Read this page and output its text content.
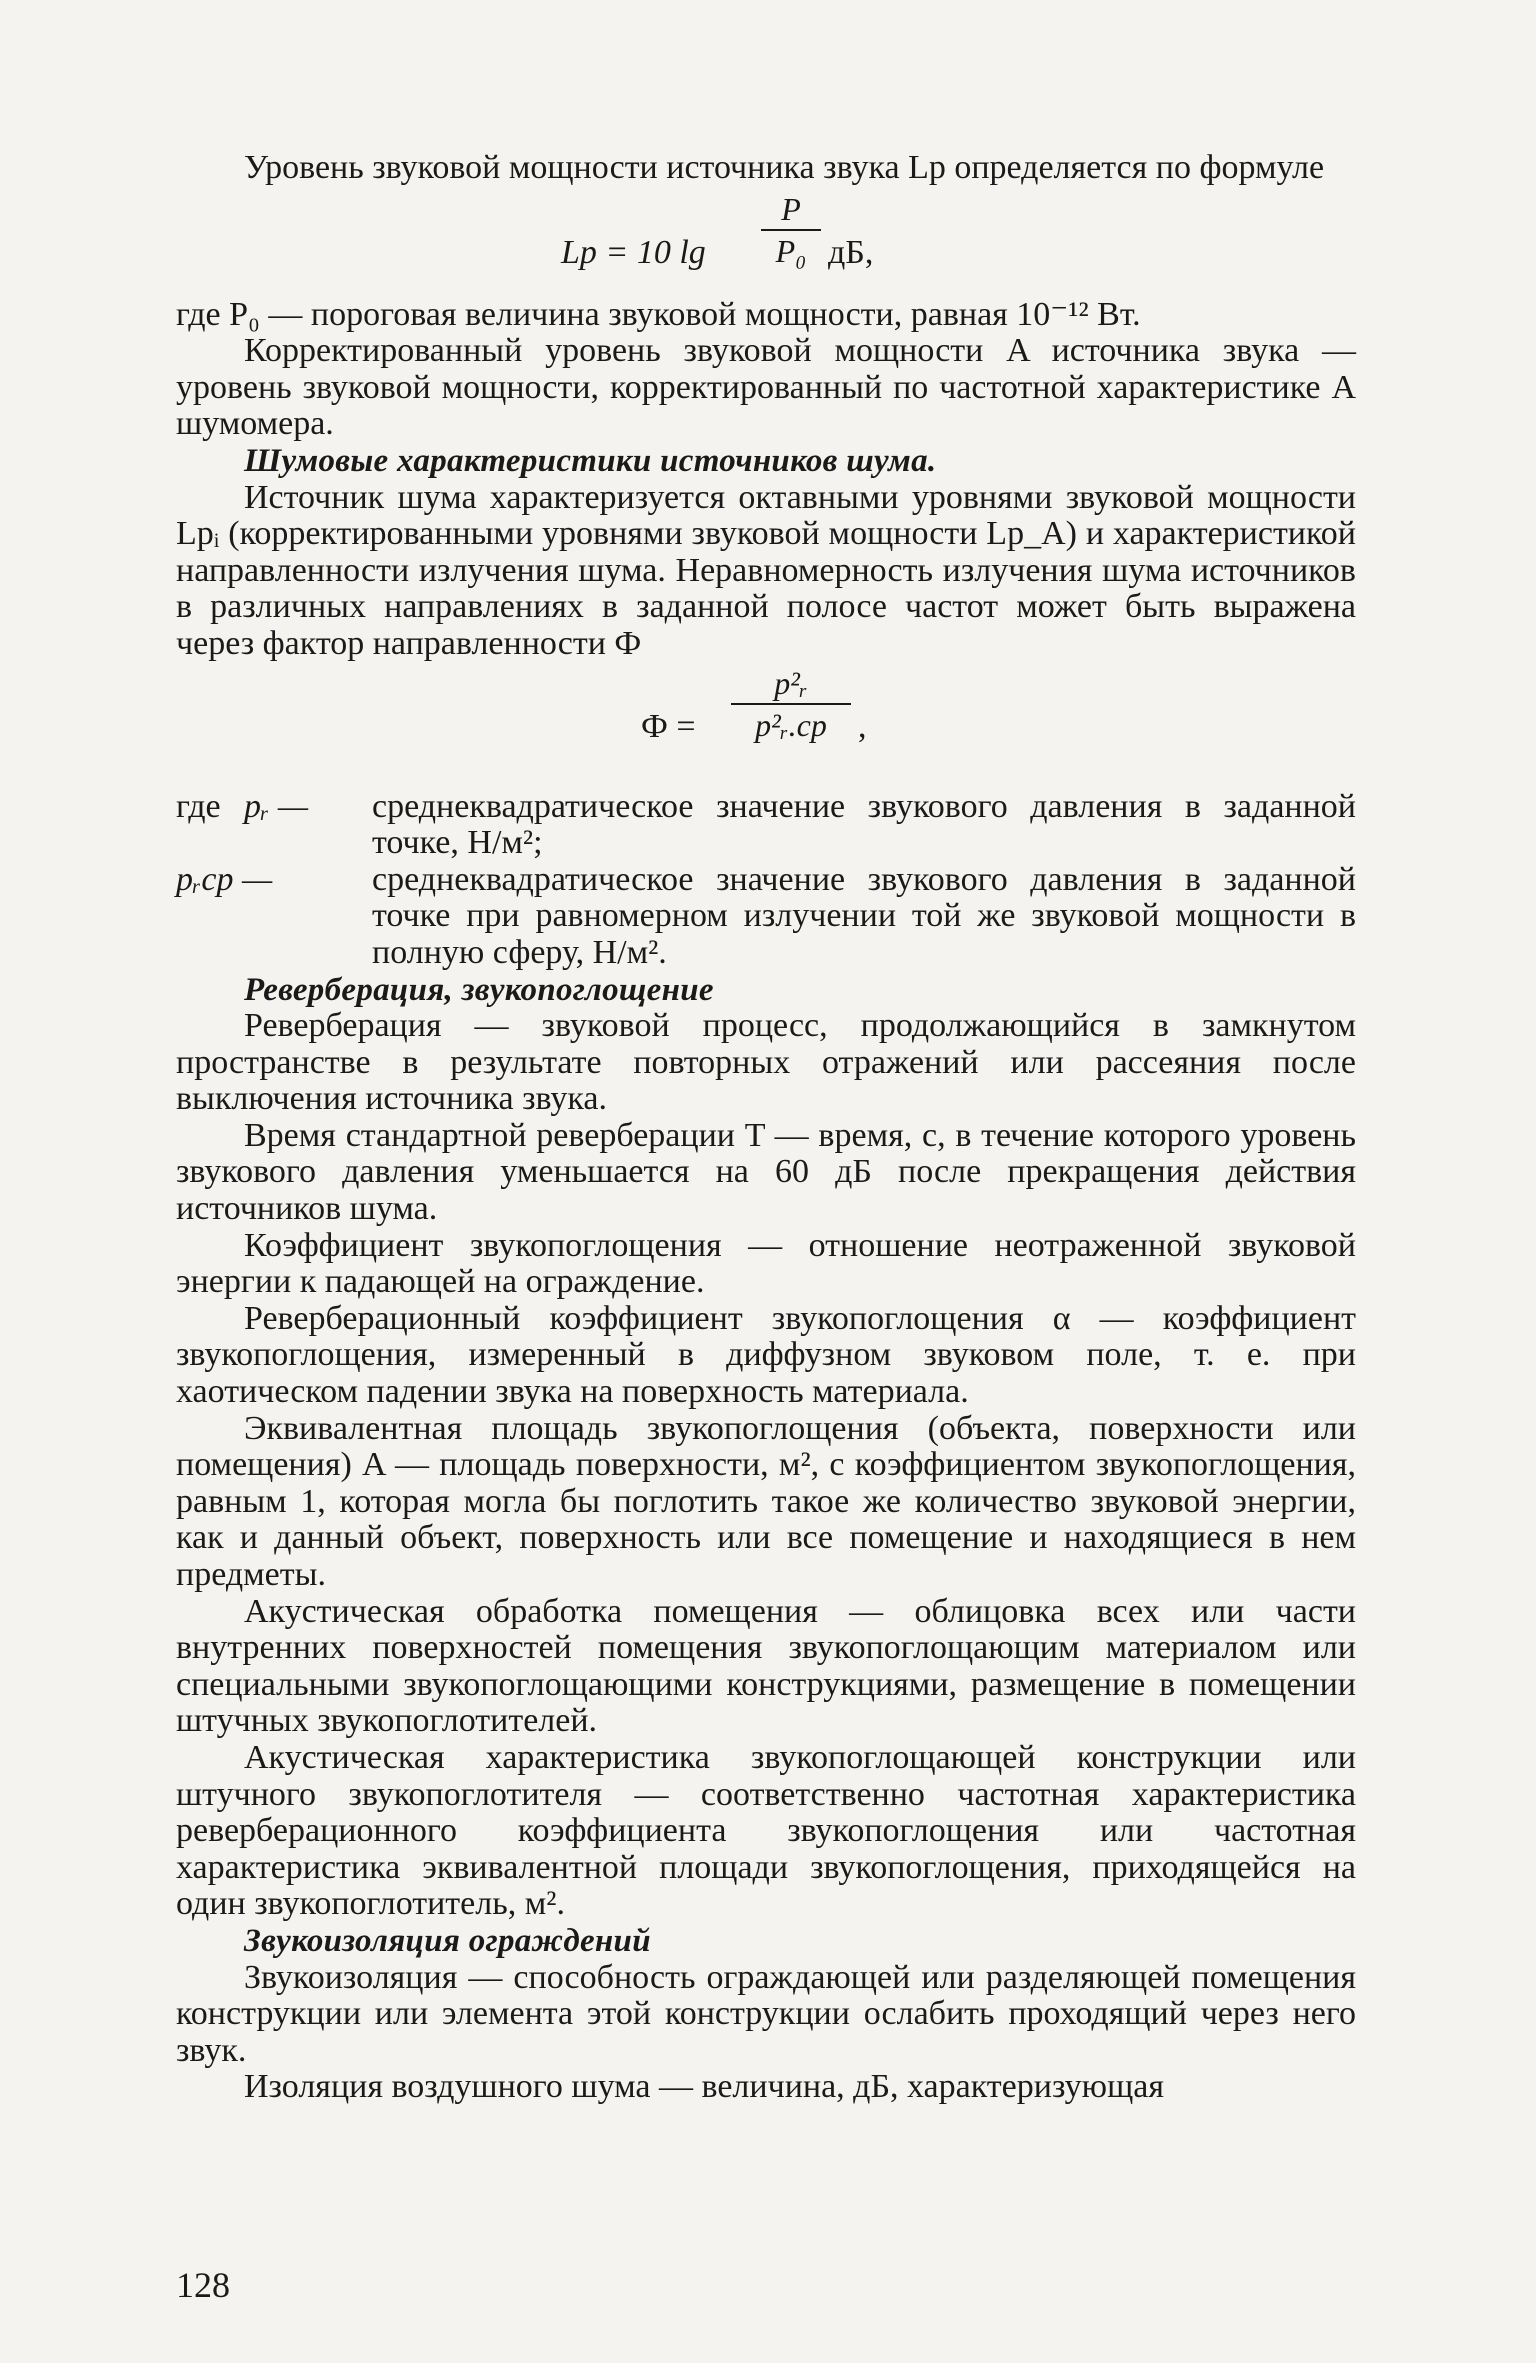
Уровень звуковой мощности источника звука Lp определяется по формуле

Lp = 10 lg
P
P₀ дБ,

где P₀ — пороговая величина звуковой мощности, равная 10⁻¹² Вт.

Корректированный уровень звуковой мощности A источника звука — уровень звуковой мощности, корректированный по частотной характеристике A шумомера.

Шумовые характеристики источников шума.

Источник шума характеризуется октавными уровнями звуковой мощности Lpᵢ (корректированными уровнями звуковой мощности Lp_A) и характеристикой направленности излучения шума. Неравномерность излучения шума источников в различных направлениях в заданной полосе частот может быть выражена через фактор направленности Ф

Ф =
p²ᵣ
p²ᵣ.ср ,
где pᵣ — среднеквадратическое значение звукового давления в заданной точке, Н/м²;
pᵣср —	среднеквадратическое значение звукового давления в заданной точке при равномерном излучении той же звуковой мощности в полную сферу, Н/м².
Реверберация, звукопоглощение

Реверберация — звуковой процесс, продолжающийся в замкнутом пространстве в результате повторных отражений или рассеяния после выключения источника звука.

Время стандартной реверберации T — время, с, в течение которого уровень звукового давления уменьшается на 60 дБ после прекращения действия источников шума.

Коэффициент звукопоглощения — отношение неотраженной звуковой энергии к падающей на ограждение.

Реверберационный коэффициент звукопоглощения α — коэффициент звукопоглощения, измеренный в диффузном звуковом поле, т. е. при хаотическом падении звука на поверхность материала.

Эквивалентная площадь звукопоглощения (объекта, поверхности или помещения) A — площадь поверхности, м², с коэффициентом звукопоглощения, равным 1, которая могла бы поглотить такое же количество звуковой энергии, как и данный объект, поверхность или все помещение и находящиеся в нем предметы.

Акустическая обработка помещения — облицовка всех или части внутренних поверхностей помещения звукопоглощающим материалом или специальными звукопоглощающими конструкциями, размещение в помещении штучных звукопоглотителей.

Акустическая характеристика звукопоглощающей конструкции или штучного звукопоглотителя — соответственно частотная характеристика реверберационного коэффициента звукопоглощения или частотная характеристика эквивалентной площади звукопоглощения, приходящейся на один звукопоглотитель, м².

Звукоизоляция ограждений

Звукоизоляция — способность ограждающей или разделяющей помещения конструкции или элемента этой конструкции ослабить проходящий через него звук.

Изоляция воздушного шума — величина, дБ, характеризующая

128
